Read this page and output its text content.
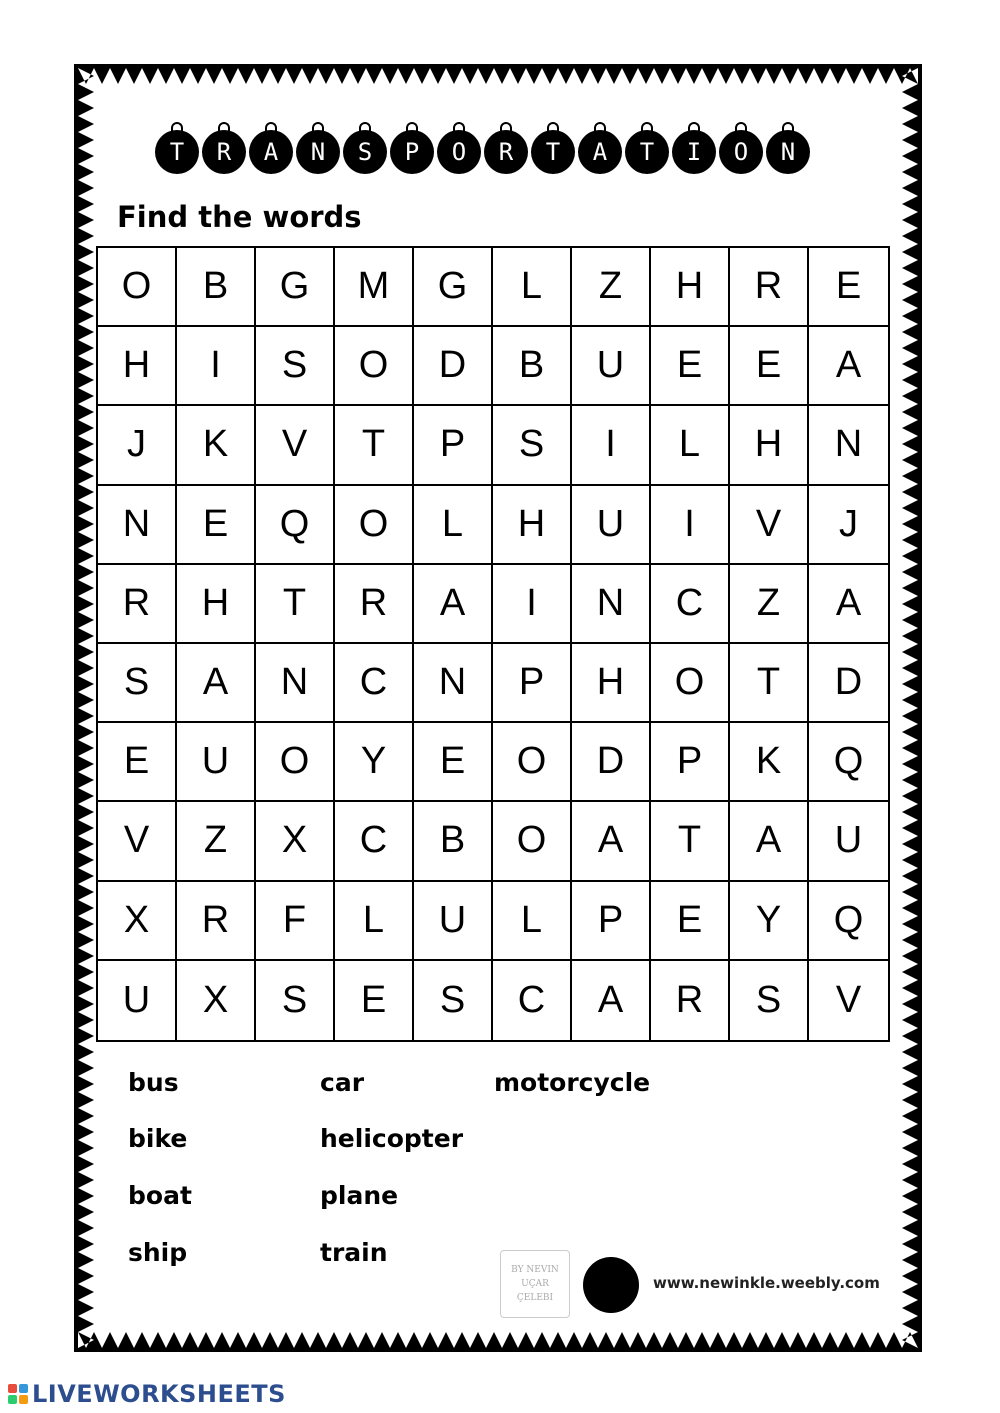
T	R	A	N	S	P	O	R	T	A	T	I	O	N
Find the words
O	B	G	M	G	L	Z	H	R	E
H	I	S	O	D	B	U	E	E	A
J	K	V	T	P	S	I	L	H	N
N	E	Q	O	L	H	U	I	V	J
R	H	T	R	A	I	N	C	Z	A
S	A	N	C	N	P	H	O	T	D
E	U	O	Y	E	O	D	P	K	Q
V	Z	X	C	B	O	A	T	A	U
X	R	F	L	U	L	P	E	Y	Q
U	X	S	E	S	C	A	R	S	V
bus
bike
boat
ship
car
helicopter
plane
train
motorcycle
BY NEVIN UÇAR
ÇELEBI
www.newinkle.weebly.com
LIVEWORKSHEETS
